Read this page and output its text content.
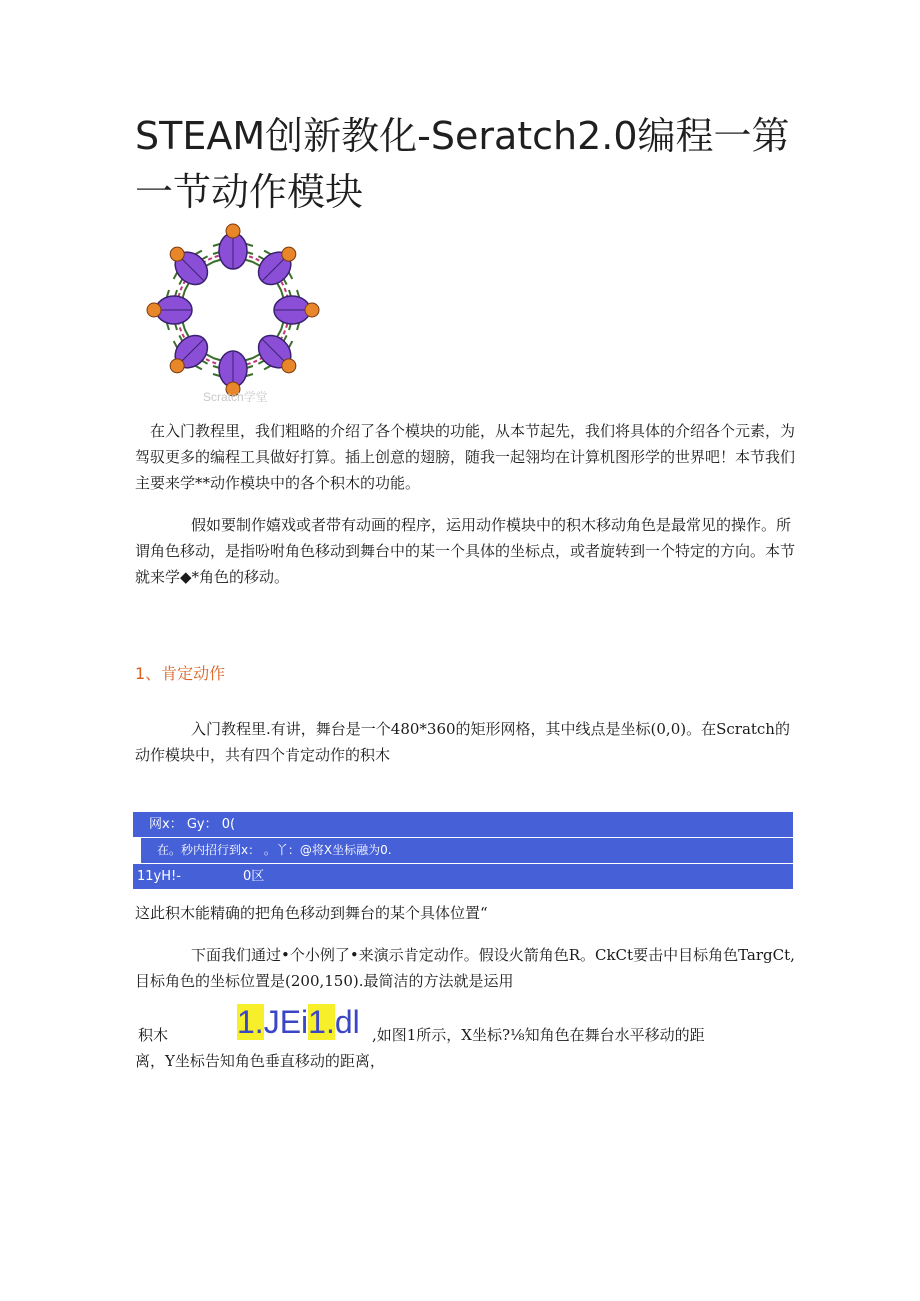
STEAM创新教化-Seratch2.0编程一第一节动作模块
Scratch学堂

在入门教程里，我们粗略的介绍了各个模块的功能，从本节起先，我们将具体的介绍各个元素，为驾驭更多的编程工具做好打算。插上创意的翅膀，随我一起翎均在计算机图形学的世界吧！本节我们主要来学**动作模块中的各个积木的功能。

假如要制作嬉戏或者带有动画的程序，运用动作模块中的积木移动角色是最常见的操作。所谓角色移动，是指吩咐角色移动到舞台中的某一个具体的坐标点，或者旋转到一个特定的方向。本节就来学◆*角色的移动。

1、肯定动作

入门教程里.有讲，舞台是一个480*360的矩形网格，其中线点是坐标(0,0)。在Scratch的动作模块中，共有四个肯定动作的积木

网x： Gy： 0(
在。秒内招行到x： 。丫：@将X坐标融为0.
11yH!-	0区

这此积木能精确的把角色移动到舞台的某个具体位置“

下面我们通过•个小例了•来演示肯定动作。假设火箭角色R。CkCt要击中目标角色TargCt,目标角色的坐标位置是(200,150).最简洁的方法就是运用

积木 1.JEi1.dl ,如图1所示，X坐标?⅛知角色在舞台水平移动的距
离，Y坐标告知角色垂直移动的距离，
